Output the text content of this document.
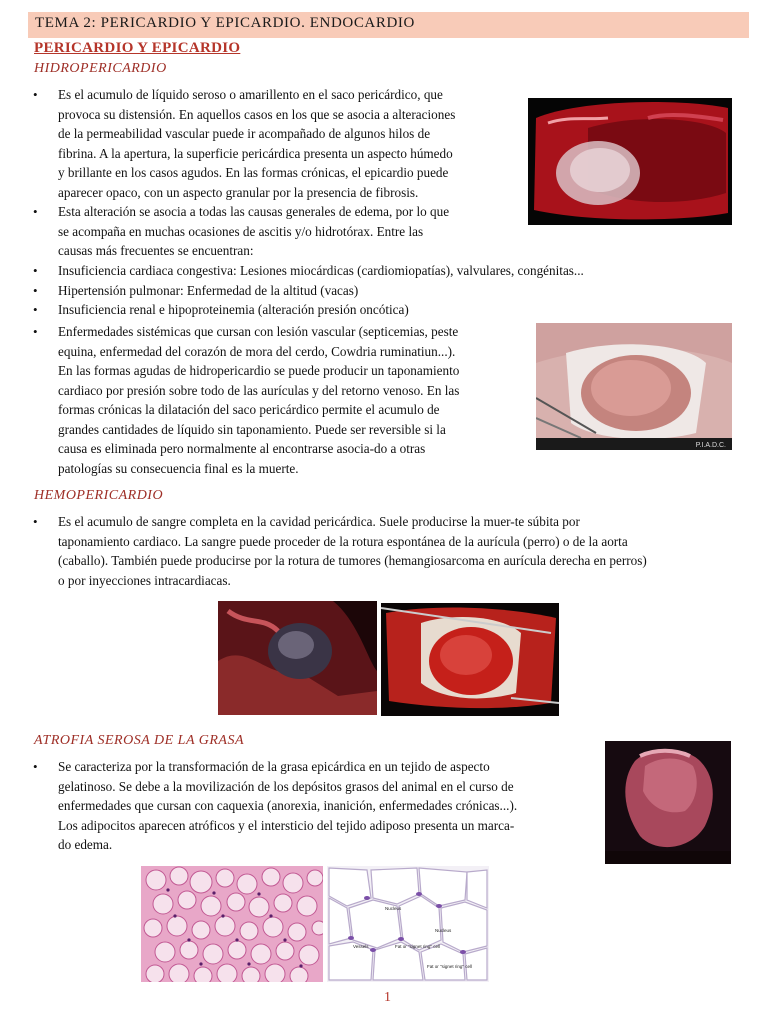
TEMA 2: PERICARDIO Y EPICARDIO. ENDOCARDIO
PERICARDIO Y EPICARDIO
HIDROPERICARDIO
• Es el acumulo de líquido seroso o amarillento en el saco pericárdico, que
provoca su distensión. En aquellos casos en los que se asocia a alteraciones
de la permeabilidad vascular puede ir acompañado de algunos hilos de
fibrina. A la apertura, la superficie pericárdica presenta un aspecto húmedo
y brillante en los casos agudos. En las formas crónicas, el epicardio puede
aparecer opaco, con un aspecto granular por la presencia de fibrosis.
• Esta alteración se asocia a todas las causas generales de edema, por lo que
se acompaña en muchas ocasiones de ascitis y/o hidrotórax. Entre las
causas más frecuentes se encuentran:
• Insuficiencia cardiaca congestiva: Lesiones miocárdicas (cardiomiopatías), valvulares, congénitas...
• Hipertensión pulmonar: Enfermedad de la altitud (vacas)
• Insuficiencia renal e hipoproteinemia (alteración presión oncótica)
• Enfermedades sistémicas que cursan con lesión vascular (septicemias, peste
equina, enfermedad del corazón de mora del cerdo, Cowdria ruminatiun...).
En las formas agudas de hidropericardio se puede producir un taponamiento
cardiaco por presión sobre todo de las aurículas y del retorno venoso. En las
formas crónicas la dilatación del saco pericárdico permite el acumulo de
grandes cantidades de líquido sin taponamiento. Puede ser reversible si la
causa es eliminada pero normalmente al encontrarse asocia-do a otras
patologías su consecuencia final es la muerte.
P.I.A.D.C.
HEMOPERICARDIO
• Es el acumulo de sangre completa en la cavidad pericárdica. Suele producirse la muer-te súbita por
taponamiento cardiaco. La sangre puede proceder de la rotura espontánea de la aurícula (perro) o de la aorta
(caballo). También puede producirse por la rotura de tumores (hemangiosarcoma en aurícula derecha en perros)
o por inyecciones intracardiacas.
ATROFIA SEROSA DE LA GRASA
• Se caracteriza por la transformación de la grasa epicárdica en un tejido de aspecto
gelatinoso. Se debe a la movilización de los depósitos grasos del animal en el curso de
enfermedades que cursan con caquexia (anorexia, inanición, enfermedades crónicas...).
Los adipocitos aparecen atróficos y el intersticio del tejido adiposo presenta un marca-
do edema.
Nucleus
Nucleus
Vessels	Fat or "signet ring" cell
Fat or "signet ring" cell
1
